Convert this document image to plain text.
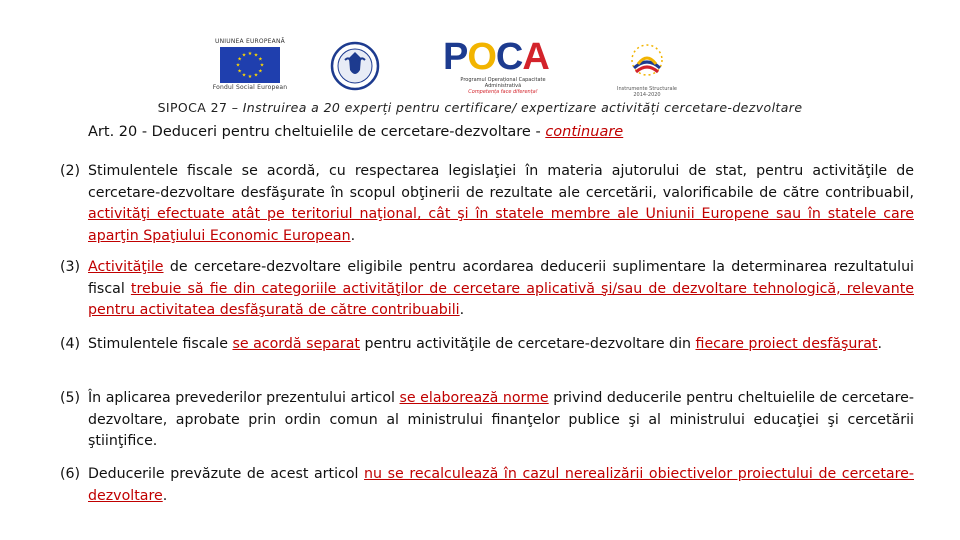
UNIUNEA EUROPEANĂ
★ ★
★
★
★
★
★
★
★
★
★
★
Fondul Social European
POCA
Programul Operațional Capacitate Administrativă
Competența face diferența!	Instrumente Structurale 2014-2020
SIPOCA 27 – Instruirea a 20 experți pentru certificare/ expertizare activități cercetare-dezvoltare
Art. 20 - Deduceri pentru cheltuielile de cercetare-dezvoltare - continuare
(2) Stimulentele fiscale se acordă, cu respectarea legislaţiei în materia ajutorului de stat, pentru activităţile de cercetare-dezvoltare desfăşurate în scopul obţinerii de rezultate ale cercetării, valorificabile de către contribuabil, activităţi efectuate atât pe teritoriul naţional, cât şi în statele membre ale Uniunii Europene sau în statele care aparţin Spaţiului Economic European.
(3) Activităţile de cercetare-dezvoltare eligibile pentru acordarea deducerii suplimentare la determinarea rezultatului fiscal trebuie să fie din categoriile activităţilor de cercetare aplicativă şi/sau de dezvoltare tehnologică, relevante pentru activitatea desfăşurată de către contribuabili.
(4) Stimulentele fiscale se acordă separat pentru activităţile de cercetare-dezvoltare din fiecare proiect desfăşurat.
(5) În aplicarea prevederilor prezentului articol se elaborează norme privind deducerile pentru cheltuielile de cercetare-dezvoltare, aprobate prin ordin comun al ministrului finanţelor publice şi al ministrului educaţiei şi cercetării ştiinţifice.
(6) Deducerile prevăzute de acest articol nu se recalculează în cazul nerealizării obiectivelor proiectului de cercetare-dezvoltare.
